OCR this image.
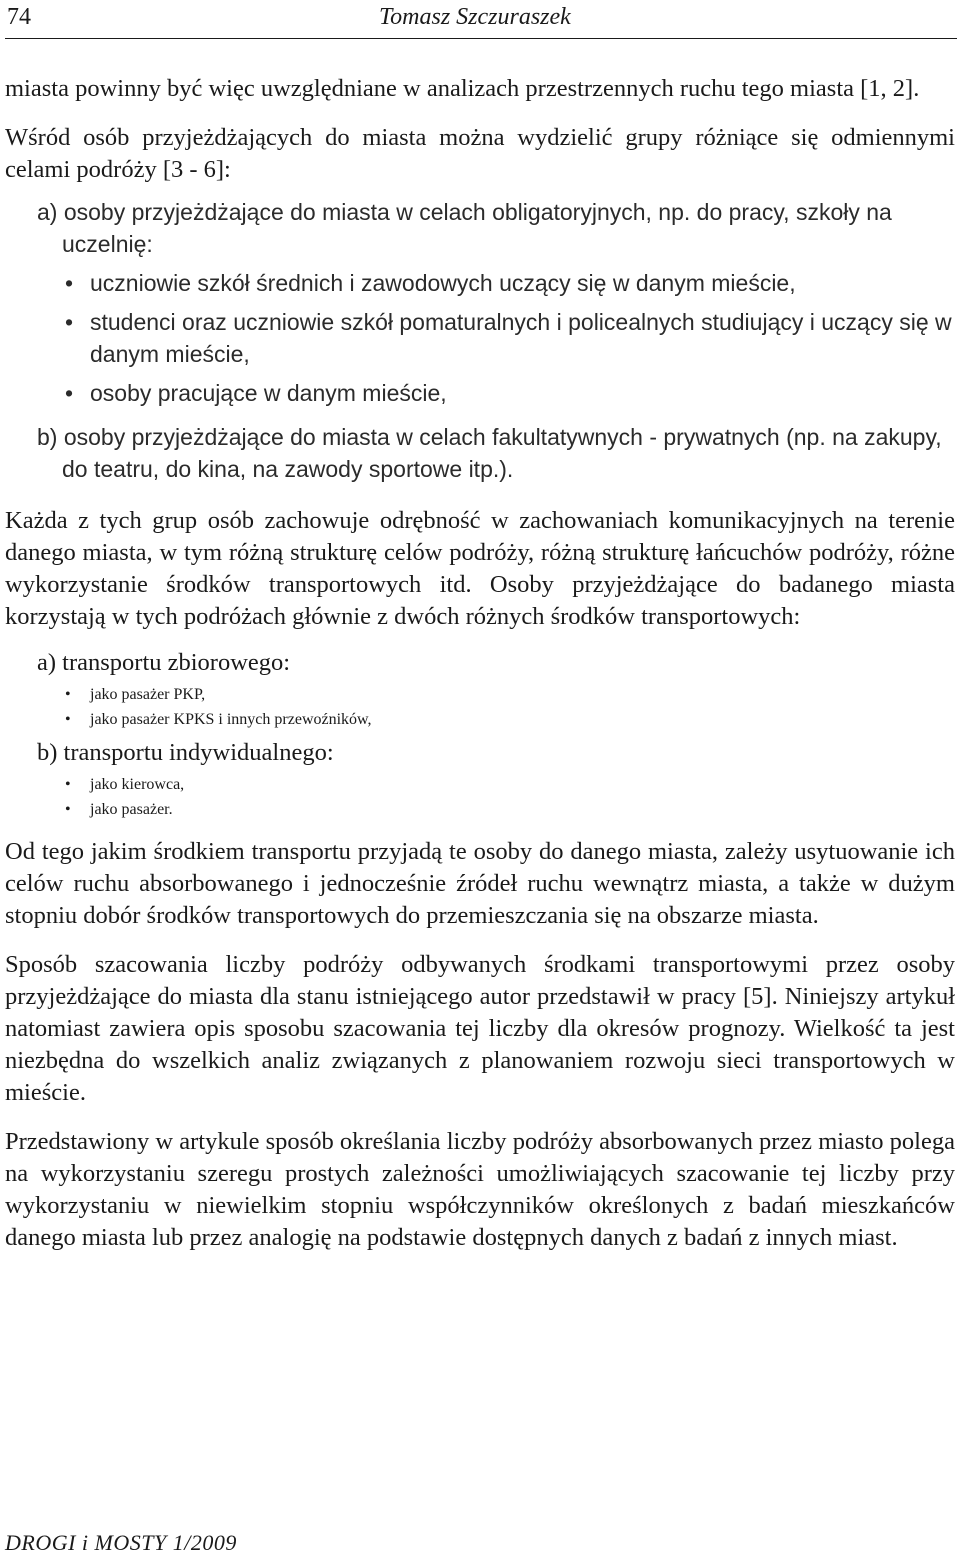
74	Tomasz Szczuraszek

miasta powinny być więc uwzględniane w analizach przestrzennych ruchu tego miasta [1, 2].

Wśród osób przyjeżdżających do miasta można wydzielić grupy różniące się odmiennymi celami podróży [3 - 6]:

a) osoby przyjeżdżające do miasta w celach obligatoryjnych, np. do pracy, szkoły na uczelnię:

• uczniowie szkół średnich i zawodowych uczący się w danym mieście,
• studenci oraz uczniowie szkół pomaturalnych i policealnych studiujący i uczący się w danym mieście,
• osoby pracujące w danym mieście,

b) osoby przyjeżdżające do miasta w celach fakultatywnych - prywatnych (np. na zakupy, do teatru, do kina, na zawody sportowe itp.).

Każda z tych grup osób zachowuje odrębność w zachowaniach komunikacyjnych na terenie danego miasta, w tym różną strukturę celów podróży, różną strukturę łańcuchów podróży, różne wykorzystanie środków transportowych itd. Osoby przyjeżdżające do badanego miasta korzystają w tych podróżach głównie z dwóch różnych środków transportowych:

a) transportu zbiorowego:

• jako pasażer PKP,
• jako pasażer KPKS i innych przewoźników,

b) transportu indywidualnego:

• jako kierowca,
• jako pasażer.

Od tego jakim środkiem transportu przyjadą te osoby do danego miasta, zależy usytuowanie ich celów ruchu absorbowanego i jednocześnie źródeł ruchu wewnątrz miasta, a także w dużym stopniu dobór środków transportowych do przemieszczania się na obszarze miasta.

Sposób szacowania liczby podróży odbywanych środkami transportowymi przez osoby przyjeżdżające do miasta dla stanu istniejącego autor przedstawił w pracy [5]. Niniejszy artykuł natomiast zawiera opis sposobu szacowania tej liczby dla okresów prognozy. Wielkość ta jest niezbędna do wszelkich analiz związanych z planowaniem rozwoju sieci transportowych w mieście.

Przedstawiony w artykule sposób określania liczby podróży absorbowanych przez miasto polega na wykorzystaniu szeregu prostych zależności umożliwiających szacowanie tej liczby przy wykorzystaniu w niewielkim stopniu współczynników określonych z badań mieszkańców danego miasta lub przez analogię na podstawie dostępnych danych z badań z innych miast.

DROGI i MOSTY 1/2009
